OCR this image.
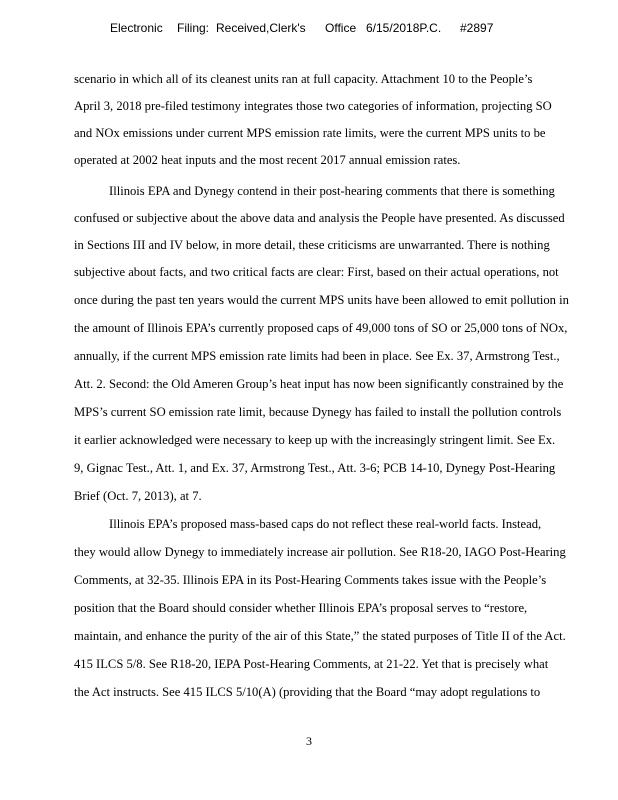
Electronic Filing: Received,Clerk's Office 6/15/2018P.C. #2897
scenario in which all of its cleanest units ran at full capacity. Attachment 10 to the People’s
April 3, 2018 pre-filed testimony integrates those two categories of information, projecting SO
and NOx emissions under current MPS emission rate limits, were the current MPS units to be
operated at 2002 heat inputs and the most recent 2017 annual emission rates.
Illinois EPA and Dynegy contend in their post-hearing comments that there is something
confused or subjective about the above data and analysis the People have presented. As discussed
in Sections III and IV below, in more detail, these criticisms are unwarranted. There is nothing
subjective about facts, and two critical facts are clear: First, based on their actual operations, not
once during the past ten years would the current MPS units have been allowed to emit pollution in
the amount of Illinois EPA’s currently proposed caps of 49,000 tons of SO or 25,000 tons of NOx,
annually, if the current MPS emission rate limits had been in place. See Ex. 37, Armstrong Test.,
Att. 2. Second: the Old Ameren Group’s heat input has now been significantly constrained by the
MPS’s current SO emission rate limit, because Dynegy has failed to install the pollution controls
it earlier acknowledged were necessary to keep up with the increasingly stringent limit. See Ex.
9, Gignac Test., Att. 1, and Ex. 37, Armstrong Test., Att. 3-6; PCB 14-10, Dynegy Post-Hearing
Brief (Oct. 7, 2013), at 7.
Illinois EPA’s proposed mass-based caps do not reflect these real-world facts. Instead,
they would allow Dynegy to immediately increase air pollution. See R18-20, IAGO Post-Hearing
Comments, at 32-35. Illinois EPA in its Post-Hearing Comments takes issue with the People’s
position that the Board should consider whether Illinois EPA’s proposal serves to “restore,
maintain, and enhance the purity of the air of this State,” the stated purposes of Title II of the Act.
415 ILCS 5/8. See R18-20, IEPA Post-Hearing Comments, at 21-22. Yet that is precisely what
the Act instructs. See 415 ILCS 5/10(A) (providing that the Board “may adopt regulations to
3
